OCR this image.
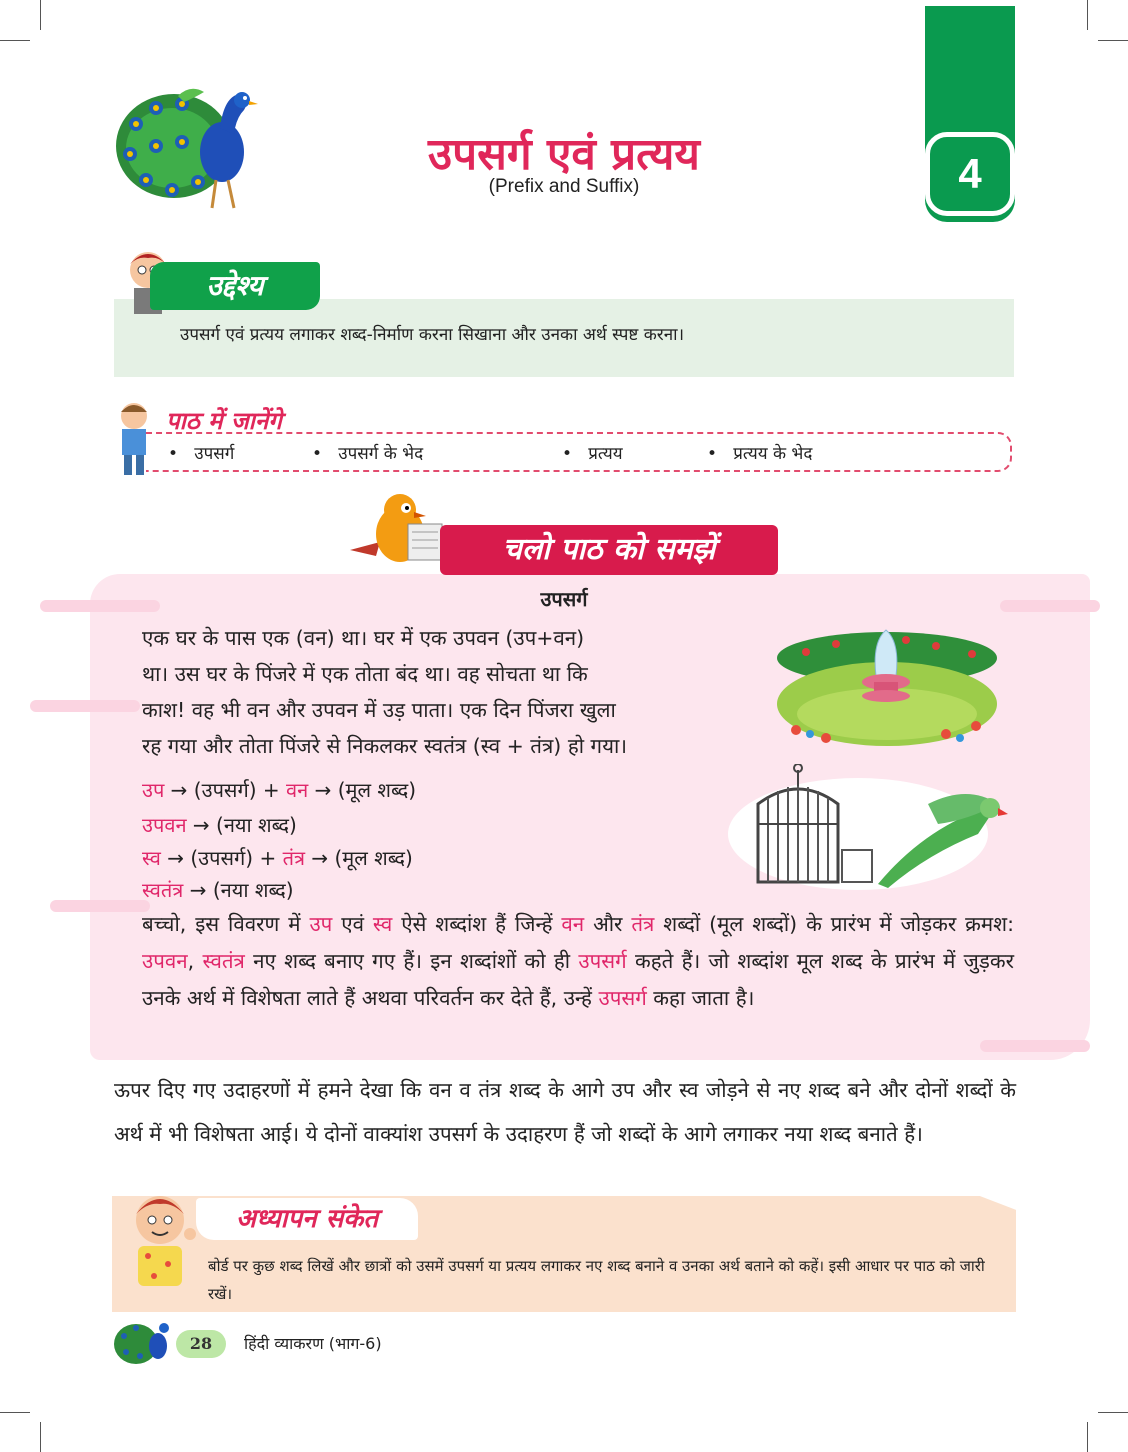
उपसर्ग एवं प्रत्यय
(Prefix and Suffix)	4
उद्देश्य
उपसर्ग एवं प्रत्यय लगाकर शब्द-निर्माण करना सिखाना और उनका अर्थ स्पष्ट करना।
पाठ में जानेंगे
•   उपसर्ग	•   उपसर्ग के भेद	•   प्रत्यय	•   प्रत्यय के भेद
चलो पाठ को समझें
उपसर्ग
एक घर के पास एक (वन) था। घर में एक उपवन (उप+वन)
था। उस घर के पिंजरे में एक तोता बंद था। वह सोचता था कि
काश! वह भी वन और उपवन में उड़ पाता। एक दिन पिंजरा खुला
रह गया और तोता पिंजरे से निकलकर स्वतंत्र (स्व + तंत्र) हो गया।
उप → (उपसर्ग) + वन → (मूल शब्द)
उपवन → (नया शब्द)
स्व → (उपसर्ग) + तंत्र → (मूल शब्द)
स्वतंत्र → (नया शब्द)
बच्चो, इस विवरण में उप एवं स्व ऐसे शब्दांश हैं जिन्हें वन और तंत्र शब्दों (मूल शब्दों) के प्रारंभ में जोड़कर क्रमश: उपवन, स्वतंत्र नए शब्द बनाए गए हैं। इन शब्दांशों को ही उपसर्ग कहते हैं। जो शब्दांश मूल शब्द के प्रारंभ में जुड़कर उनके अर्थ में विशेषता लाते हैं अथवा परिवर्तन कर देते हैं, उन्हें उपसर्ग कहा जाता है।
ऊपर दिए गए उदाहरणों में हमने देखा कि वन व तंत्र शब्द के आगे उप और स्व जोड़ने से नए शब्द बने और दोनों शब्दों के अर्थ में भी विशेषता आई। ये दोनों वाक्यांश उपसर्ग के उदाहरण हैं जो शब्दों के आगे लगाकर नया शब्द बनाते हैं।
अध्यापन संकेत
बोर्ड पर कुछ शब्द लिखें और छात्रों को उसमें उपसर्ग या प्रत्यय लगाकर नए शब्द बनाने व उनका अर्थ बताने को कहें। इसी आधार पर पाठ को जारी रखें।
28	हिंदी व्याकरण (भाग-6)
